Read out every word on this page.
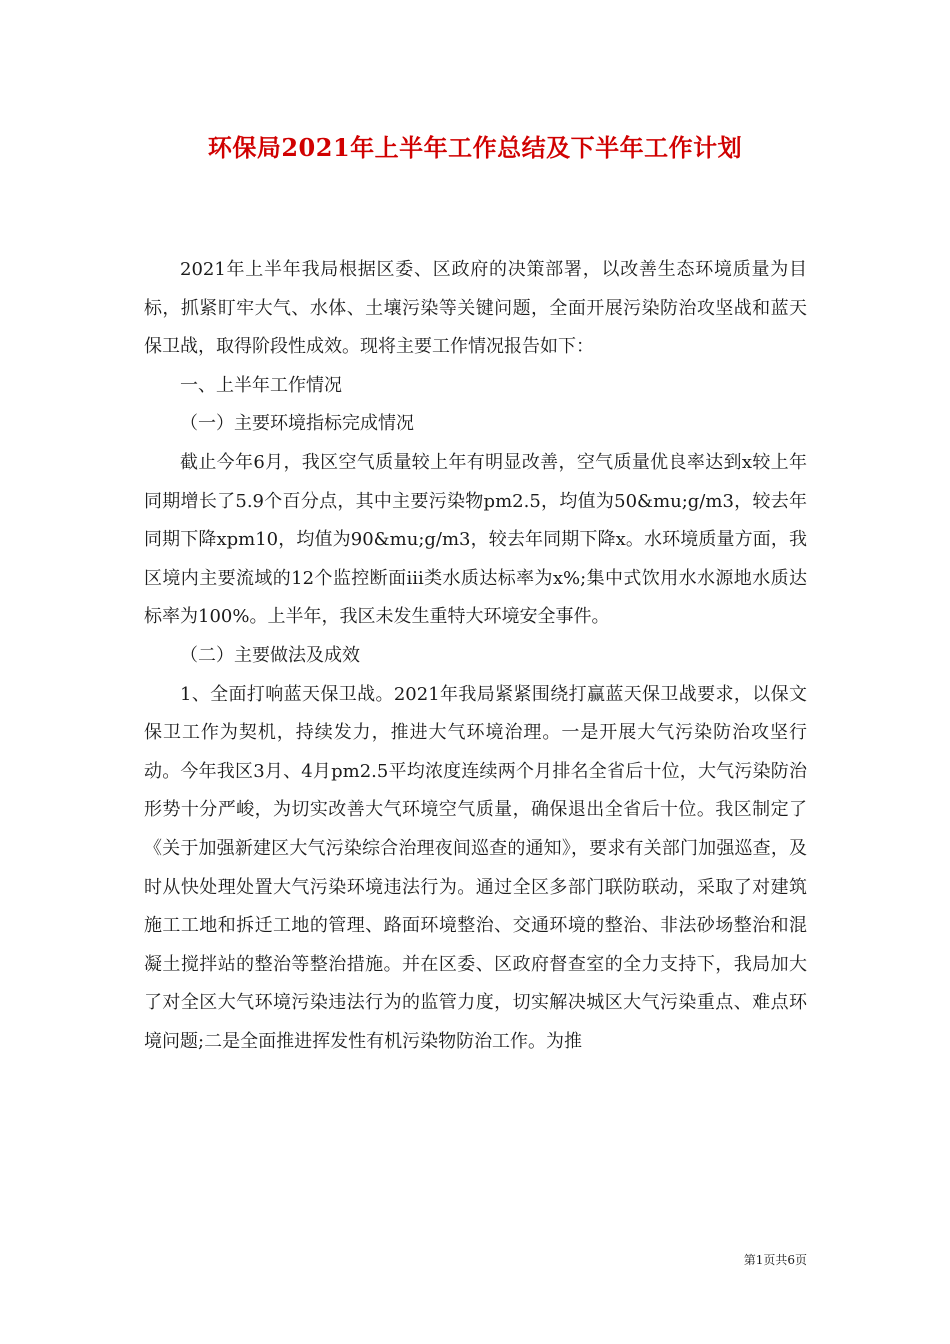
环保局2021年上半年工作总结及下半年工作计划

2021年上半年我局根据区委、区政府的决策部署，以改善生态环境质量为目标，抓紧盯牢大气、水体、土壤污染等关键问题，全面开展污染防治攻坚战和蓝天保卫战，取得阶段性成效。现将主要工作情况报告如下：

一、上半年工作情况

（一）主要环境指标完成情况

截止今年6月，我区空气质量较上年有明显改善，空气质量优良率达到x较上年同期增长了5.9个百分点，其中主要污染物pm2.5，均值为50&mu;g/m3，较去年同期下降xpm10，均值为90&mu;g/m3，较去年同期下降x。水环境质量方面，我区境内主要流域的12个监控断面iii类水质达标率为x%;集中式饮用水水源地水质达标率为100%。上半年，我区未发生重特大环境安全事件。

（二）主要做法及成效

1、全面打响蓝天保卫战。2021年我局紧紧围绕打赢蓝天保卫战要求，以保文保卫工作为契机，持续发力，推进大气环境治理。一是开展大气污染防治攻坚行动。今年我区3月、4月pm2.5平均浓度连续两个月排名全省后十位，大气污染防治形势十分严峻，为切实改善大气环境空气质量，确保退出全省后十位。我区制定了《关于加强新建区大气污染综合治理夜间巡查的通知》，要求有关部门加强巡查，及时从快处理处置大气污染环境违法行为。通过全区多部门联防联动，采取了对建筑施工工地和拆迁工地的管理、路面环境整治、交通环境的整治、非法砂场整治和混凝土搅拌站的整治等整治措施。并在区委、区政府督查室的全力支持下，我局加大了对全区大气环境污染违法行为的监管力度，切实解决城区大气污染重点、难点环境问题;二是全面推进挥发性有机污染物防治工作。为推

第1页共6页
